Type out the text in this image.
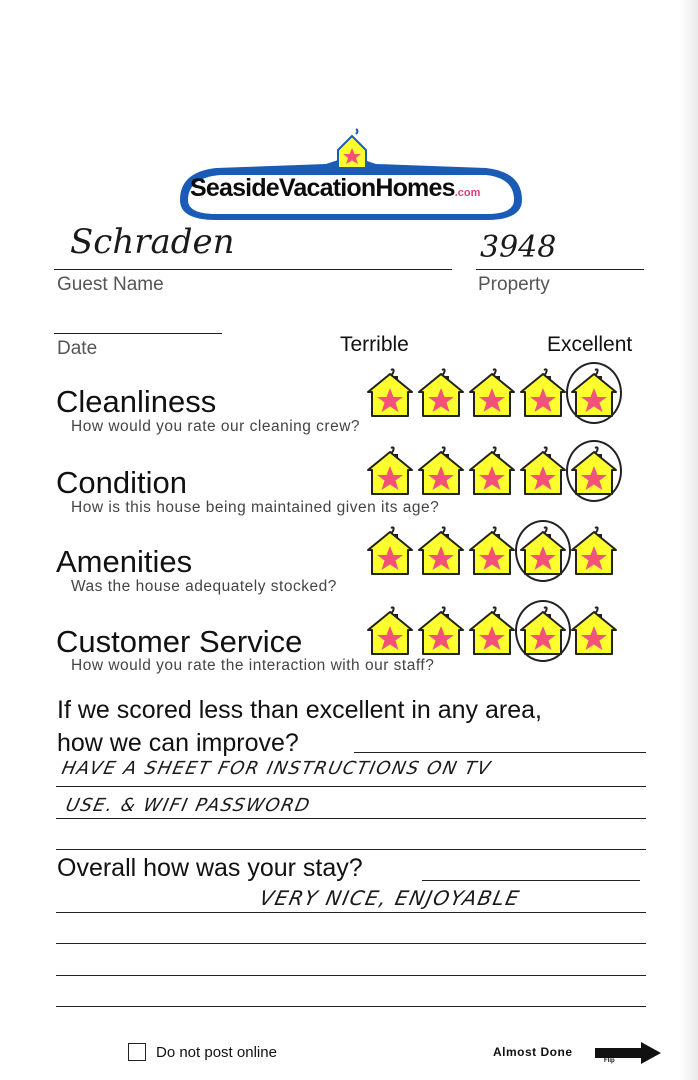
SeasideVacationHomes.com
Schraden
Guest Name
3948
Property
Date	Terrible	Excellent
Cleanliness
How would you rate our cleaning crew?
Condition
How is this house being maintained given its age?
Amenities
Was the house adequately stocked?
Customer Service
How would you rate the interaction with our staff?
If we scored less than excellent in any area,
how we can improve?
HAVE A SHEET FOR INSTRUCTIONS ON TV
USE. & WIFI PASSWORD
Overall how was your stay?
VERY NICE, ENJOYABLE
Do not post online	Almost Done
Flip
